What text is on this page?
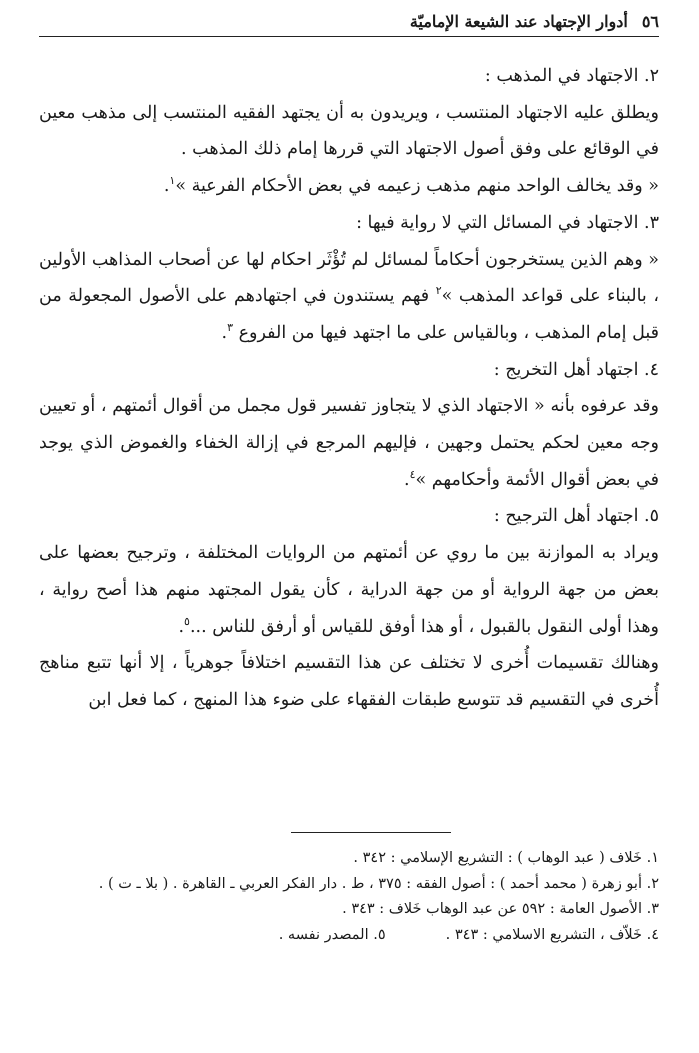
٥٦
أدوار الإجتهاد عند الشيعة الإماميّة

٢. الاجتهاد في المذهب :

ويطلق عليه الاجتهاد المنتسب ، ويريدون به أن يجتهد الفقيه المنتسب إلى مذهب معين في الوقائع على وفق أصول الاجتهاد التي قررها إمام ذلك المذهب .

« وقد يخالف الواحد منهم مذهب زعيمه في بعض الأحكام الفرعية »$^١$.

٣. الاجتهاد في المسائل التي لا رواية فيها :

« وهم الذين يستخرجون أحكاماً لمسائل لم تُؤْثَر احكام لها عن أصحاب المذاهب الأولين ، بالبناء على قواعد المذهب »$^٢$ فهم يستندون في اجتهادهم على الأصول المجعولة من قبل إمام المذهب ، وبالقياس على ما اجتهد فيها من الفروع $^٣$.

٤. اجتهاد أهل التخريج :

وقد عرفوه بأنه « الاجتهاد الذي لا يتجاوز تفسير قول مجمل من أقوال أئمتهم ، أو تعيين وجه معين لحكم يحتمل وجهين ، فإليهم المرجع في إزالة الخفاء والغموض الذي يوجد في بعض أقوال الأئمة وأحكامهم »$^٤$.

٥. اجتهاد أهل الترجيح :

ويراد به الموازنة بين ما روي عن أئمتهم من الروايات المختلفة ، وترجيح بعضها على بعض من جهة الرواية أو من جهة الدراية ، كأن يقول المجتهد منهم هذا أصح رواية ، وهذا أولى النقول بالقبول ، أو هذا أوفق للقياس أو أرفق للناس ...$^٥$.

وهنالك تقسيمات أُخرى لا تختلف عن هذا التقسيم اختلافاً جوهرياً ، إلا أنها تتبع مناهج أُخرى في التقسيم قد تتوسع طبقات الفقهاء على ضوء هذا المنهج ، كما فعل ابن

١. خَلاف ( عبد الوهاب ) : التشريع الإسلامي : ٣٤٢ .

٢. أبو زهرة ( محمد أحمد ) : أصول الفقه : ٣٧٥ ، ط . دار الفكر العربي ـ القاهرة . ( بلا ـ ت ) .

٣. الأصول العامة : ٥٩٢ عن عبد الوهاب خَلاف : ٣٤٣ .

٤. خَلاّف ، التشريع الاسلامي : ٣٤٣ .

٥. المصدر نفسه .
